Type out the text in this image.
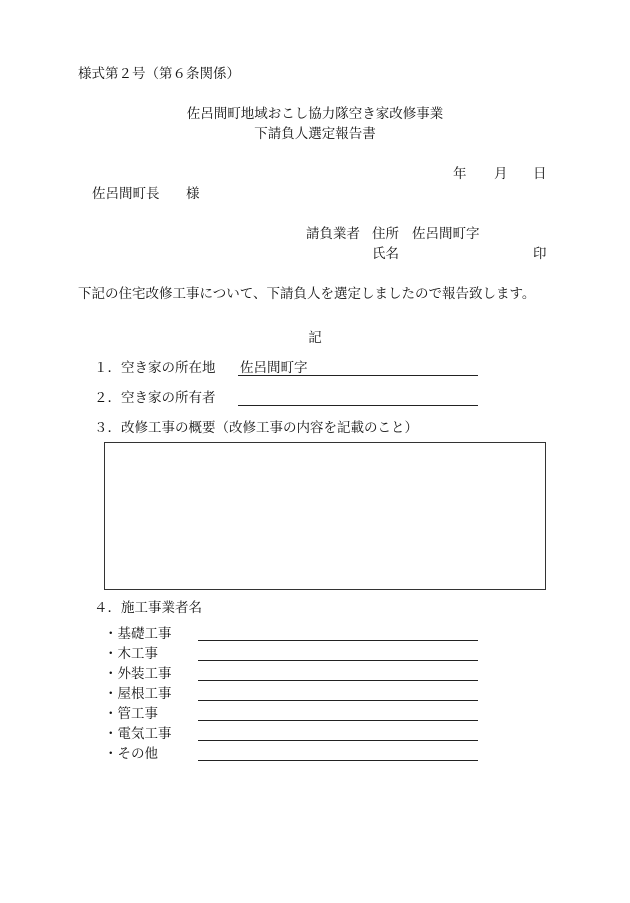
様式第２号（第６条関係）
佐呂間町地域おこし協力隊空き家改修事業
下請負人選定報告書
年 月 日
佐呂間町長 様
請負業者 住所 佐呂間町字
氏名	印
下記の住宅改修工事について、下請負人を選定しましたので報告致します。
記
１．空き家の所在地 佐呂間町字
２．空き家の所有者
３．改修工事の概要（改修工事の内容を記載のこと）
４．施工事業者名
・基礎工事
・木工事
・外装工事
・屋根工事
・管工事
・電気工事
・その他
